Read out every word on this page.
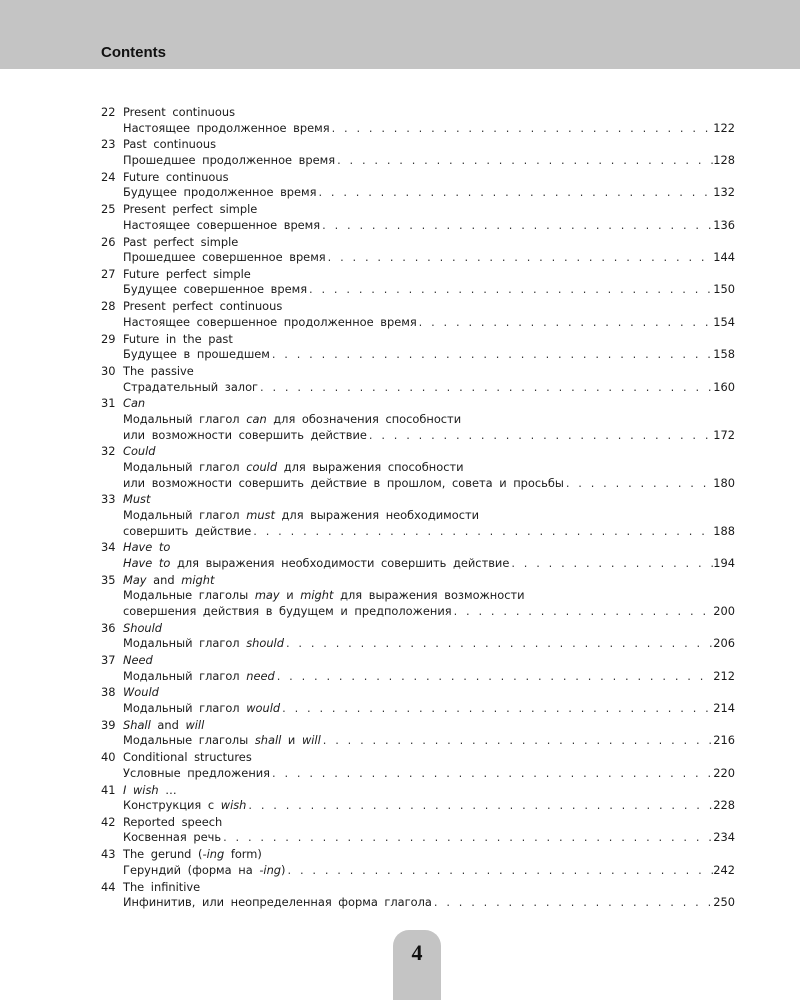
Contents
22 Present continuous
Настоящее продолженное время . . .	122
23 Past continuous
Прошедшее продолженное время . . .	128
24 Future continuous
Будущее продолженное время . . .	132
25 Present perfect simple
Настоящее совершенное время . . .	136
26 Past perfect simple
Прошедшее совершенное время . . .	144
27 Future perfect simple
Будущее совершенное время . . .	150
28 Present perfect continuous
Настоящее совершенное продолженное время . . .	154
29 Future in the past
Будущее в прошедшем . . .	158
30 The passive
Страдательный залог . . .	160
31 Can
Модальный глагол can для обозначения способности
или возможности совершить действие . . .	172
32 Could
Модальный глагол could для выражения способности
или возможности совершить действие в прошлом, совета и просьбы . . .	180
33 Must
Модальный глагол must для выражения необходимости
совершить действие . . .	188
34 Have to
Have to для выражения необходимости совершить действие . . .	194
35 May and might
Модальные глаголы may и might для выражения возможности
совершения действия в будущем и предположения . . .	200
36 Should
Модальный глагол should . . .	206
37 Need
Модальный глагол need . . .	212
38 Would
Модальный глагол would . . .	214
39 Shall and will
Модальные глаголы shall и will . . .	216
40 Conditional structures
Условные предложения . . .	220
41 I wish …
Конструкция с wish . . .	228
42 Reported speech
Косвенная речь . . .	234
43 The gerund (-ing form)
Герундий (форма на -ing) . . .	242
44 The infinitive
Инфинитив, или неопределенная форма глагола . . .	250
4
